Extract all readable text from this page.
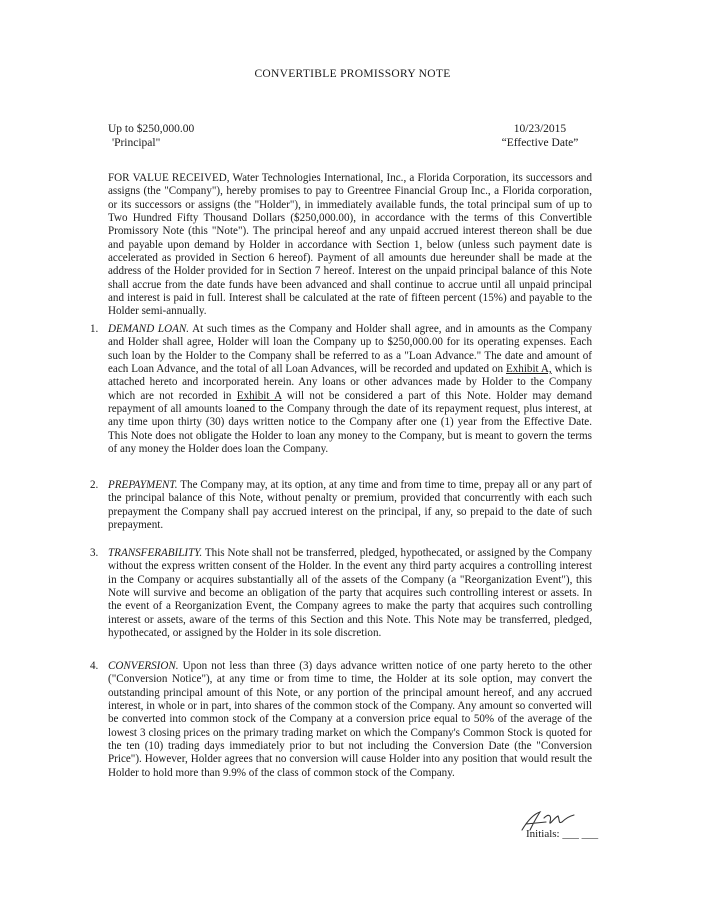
CONVERTIBLE PROMISSORY NOTE
Up to $250,000.00
'Principal"
10/23/2015
“Effective Date”

FOR VALUE RECEIVED, Water Technologies International, Inc., a Florida Corporation, its successors and assigns (the "Company"), hereby promises to pay to Greentree Financial Group Inc., a Florida corporation, or its successors or assigns (the "Holder"), in immediately available funds, the total principal sum of up to Two Hundred Fifty Thousand Dollars ($250,000.00), in accordance with the terms of this Convertible Promissory Note (this "Note"). The principal hereof and any unpaid accrued interest thereon shall be due and payable upon demand by Holder in accordance with Section 1, below (unless such payment date is accelerated as provided in Section 6 hereof). Payment of all amounts due hereunder shall be made at the address of the Holder provided for in Section 7 hereof. Interest on the unpaid principal balance of this Note shall accrue from the date funds have been advanced and shall continue to accrue until all unpaid principal and interest is paid in full. Interest shall be calculated at the rate of fifteen percent (15%) and payable to the Holder semi-annually.

1. DEMAND LOAN. At such times as the Company and Holder shall agree, and in amounts as the Company and Holder shall agree, Holder will loan the Company up to $250,000.00 for its operating expenses. Each such loan by the Holder to the Company shall be referred to as a "Loan Advance." The date and amount of each Loan Advance, and the total of all Loan Advances, will be recorded and updated on Exhibit A, which is attached hereto and incorporated herein. Any loans or other advances made by Holder to the Company which are not recorded in Exhibit A will not be considered a part of this Note. Holder may demand repayment of all amounts loaned to the Company through the date of its repayment request, plus interest, at any time upon thirty (30) days written notice to the Company after one (1) year from the Effective Date. This Note does not obligate the Holder to loan any money to the Company, but is meant to govern the terms of any money the Holder does loan the Company.

2. PREPAYMENT. The Company may, at its option, at any time and from time to time, prepay all or any part of the principal balance of this Note, without penalty or premium, provided that concurrently with each such prepayment the Company shall pay accrued interest on the principal, if any, so prepaid to the date of such prepayment.

3. TRANSFERABILITY. This Note shall not be transferred, pledged, hypothecated, or assigned by the Company without the express written consent of the Holder. In the event any third party acquires a controlling interest in the Company or acquires substantially all of the assets of the Company (a "Reorganization Event"), this Note will survive and become an obligation of the party that acquires such controlling interest or assets. In the event of a Reorganization Event, the Company agrees to make the party that acquires such controlling interest or assets, aware of the terms of this Section and this Note. This Note may be transferred, pledged, hypothecated, or assigned by the Holder in its sole discretion.

4. CONVERSION. Upon not less than three (3) days advance written notice of one party hereto to the other ("Conversion Notice"), at any time or from time to time, the Holder at its sole option, may convert the outstanding principal amount of this Note, or any portion of the principal amount hereof, and any accrued interest, in whole or in part, into shares of the common stock of the Company. Any amount so converted will be converted into common stock of the Company at a conversion price equal to 50% of the average of the lowest 3 closing prices on the primary trading market on which the Company's Common Stock is quoted for the ten (10) trading days immediately prior to but not including the Conversion Date (the "Conversion Price"). However, Holder agrees that no conversion will cause Holder into any position that would result the Holder to hold more than 9.9% of the class of common stock of the Company.

Initials: ___ ___
